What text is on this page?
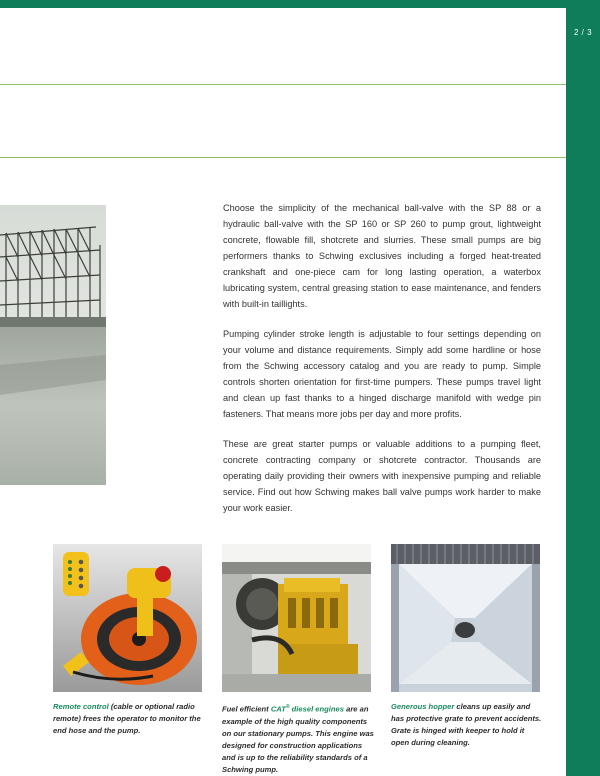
2 / 3

Choose the simplicity of the mechanical ball-valve with the SP 88 or a hydraulic ball-valve with the SP 160 or SP 260 to pump grout, lightweight concrete, flowable fill, shotcrete and slurries. These small pumps are big performers thanks to Schwing exclusives including a forged heat-treated crankshaft and one-piece cam for long lasting operation, a waterbox lubricating system, central greasing station to ease maintenance, and fenders with built-in taillights.

Pumping cylinder stroke length is adjustable to four settings depending on your volume and distance requirements. Simply add some hardline or hose from the Schwing accessory catalog and you are ready to pump. Simple controls shorten orientation for first-time pumpers. These pumps travel light and clean up fast thanks to a hinged discharge manifold with wedge pin fasteners. That means more jobs per day and more profits.

These are great starter pumps or valuable additions to a pumping fleet, concrete contracting company or shotcrete contractor. Thousands are operating daily providing their owners with inexpensive pumping and reliable service. Find out how Schwing makes ball valve pumps work harder to make your work easier.

Remote control (cable or optional radio remote) frees the operator to monitor the end hose and the pump.
Fuel efficient CAT® diesel engines are an example of the high quality components on our stationary pumps. This engine was designed for construction applications and is up to the reliability standards of a Schwing pump.
Generous hopper cleans up easily and has protective grate to prevent accidents. Grate is hinged with keeper to hold it open during cleaning.
